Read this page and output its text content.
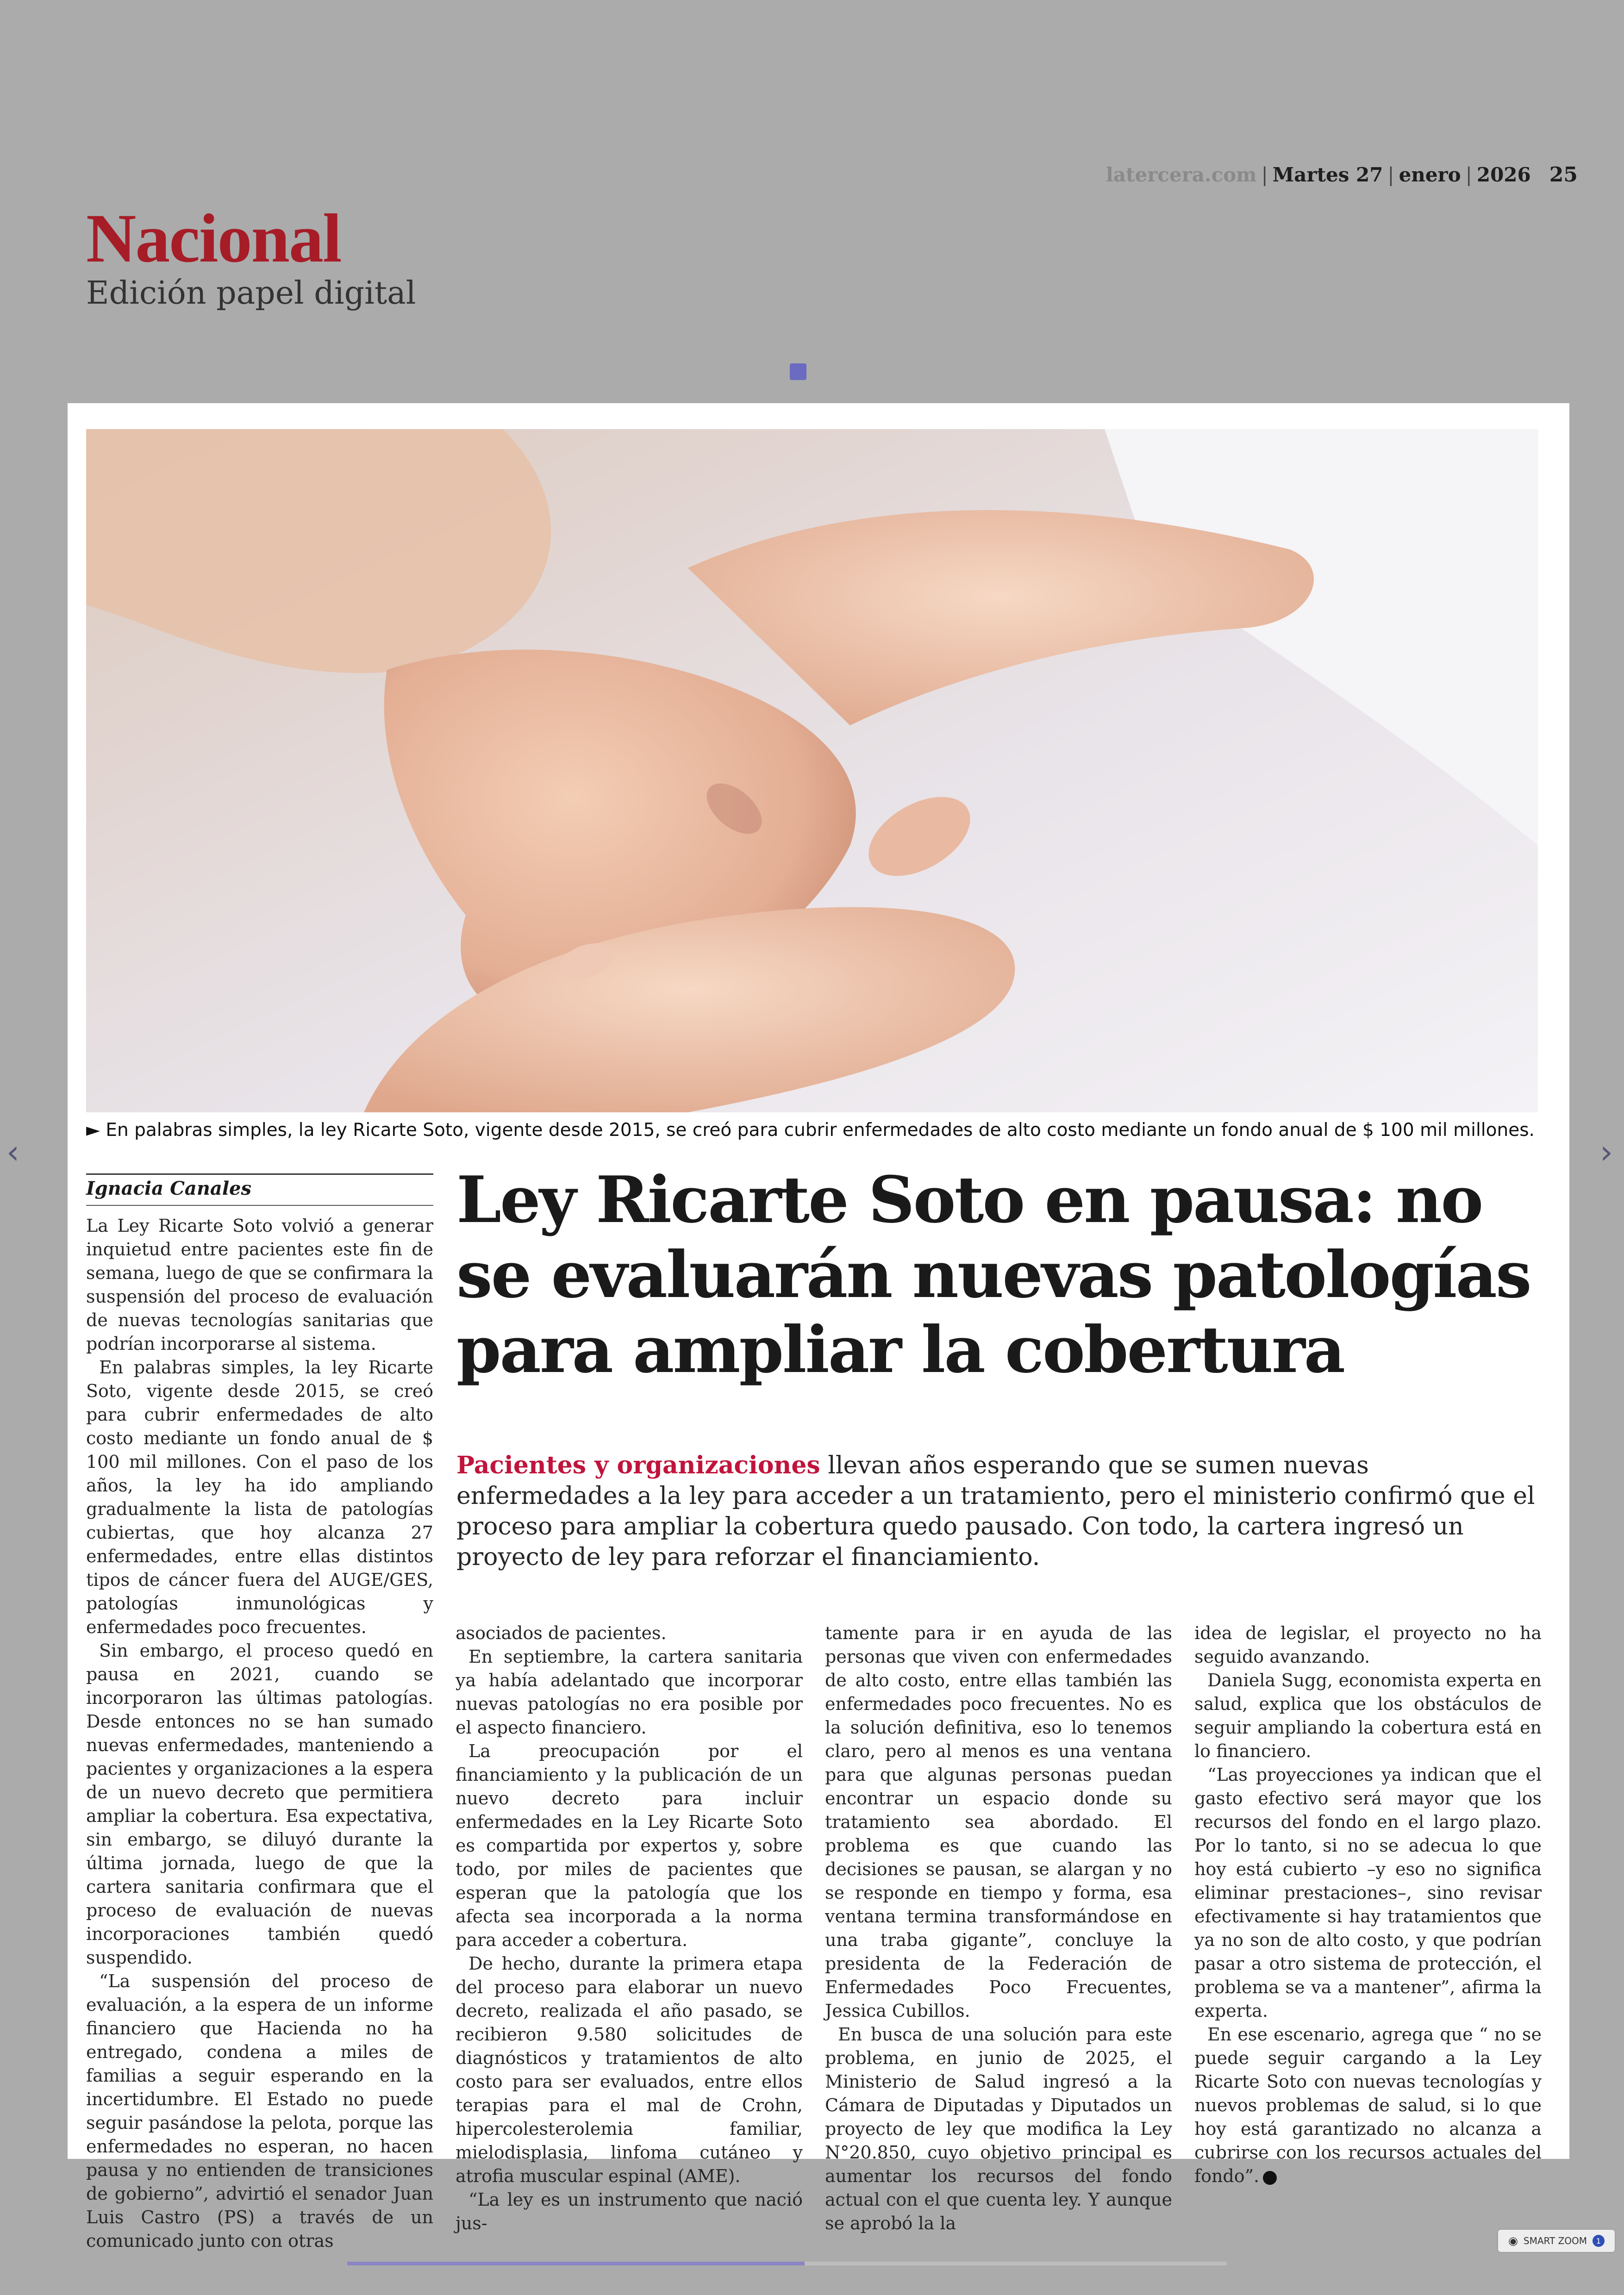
latercera.com | Martes 27 | enero | 2026 25
Nacional
Edición papel digital
► En palabras simples, la ley Ricarte Soto, vigente desde 2015, se creó para cubrir enfermedades de alto costo mediante un fondo anual de $ 100 mil millones.
Ignacia Canales	Ley Ricarte Soto en pausa: no se evaluarán nuevas patologías para ampliar la cobertura
Pacientes y organizaciones llevan años esperando que se sumen nuevas enfermedades a la ley para acceder a un tratamiento, pero el ministerio confirmó que el proceso para ampliar la cobertura quedo pausado. Con todo, la cartera ingresó un proyecto de ley para reforzar el financiamiento.

La Ley Ricarte Soto volvió a generar inquietud entre pacientes este fin de semana, luego de que se confirmara la suspensión del proceso de evaluación de nuevas tecnologías sanitarias que podrían incorporarse al sistema.

En palabras simples, la ley Ricarte Soto, vigente desde 2015, se creó para cubrir enfermedades de alto costo mediante un fondo anual de $ 100 mil millones. Con el paso de los años, la ley ha ido ampliando gradualmente la lista de patologías cubiertas, que hoy alcanza 27 enfermedades, entre ellas distintos tipos de cáncer fuera del AUGE/GES, patologías inmunológicas y enfermedades poco frecuentes.

Sin embargo, el proceso quedó en pausa en 2021, cuando se incorporaron las últimas patologías. Desde entonces no se han sumado nuevas enfermedades, manteniendo a pacientes y organizaciones a la espera de un nuevo decreto que permitiera ampliar la cobertura. Esa expectativa, sin embargo, se diluyó durante la última jornada, luego de que la cartera sanitaria confirmara que el proceso de evaluación de nuevas incorporaciones también quedó suspendido.

“La suspensión del proceso de evaluación, a la espera de un informe financiero que Hacienda no ha entregado, condena a miles de familias a seguir esperando en la incertidumbre. El Estado no puede seguir pasándose la pelota, porque las enfermedades no esperan, no hacen pausa y no entienden de transiciones de gobierno”, advirtió el senador Juan Luis Castro (PS) a través de un comunicado junto con otras

asociados de pacientes.

En septiembre, la cartera sanitaria ya había adelantado que incorporar nuevas patologías no era posible por el aspecto financiero.

La preocupación por el financiamiento y la publicación de un nuevo decreto para incluir enfermedades en la Ley Ricarte Soto es compartida por expertos y, sobre todo, por miles de pacientes que esperan que la patología que los afecta sea incorporada a la norma para acceder a cobertura.

De hecho, durante la primera etapa del proceso para elaborar un nuevo decreto, realizada el año pasado, se recibieron 9.580 solicitudes de diagnósticos y tratamientos de alto costo para ser evaluados, entre ellos terapias para el mal de Crohn, hipercolesterolemia familiar, mielodisplasia, linfoma cutáneo y atrofia muscular espinal (AME).

“La ley es un instrumento que nació jus-

tamente para ir en ayuda de las personas que viven con enfermedades de alto costo, entre ellas también las enfermedades poco frecuentes. No es la solución definitiva, eso lo tenemos claro, pero al menos es una ventana para que algunas personas puedan encontrar un espacio donde su tratamiento sea abordado. El problema es que cuando las decisiones se pausan, se alargan y no se responde en tiempo y forma, esa ventana termina transformándose en una traba gigante”, concluye la presidenta de la Federación de Enfermedades Poco Frecuentes, Jessica Cubillos.

En busca de una solución para este problema, en junio de 2025, el Ministerio de Salud ingresó a la Cámara de Diputadas y Diputados un proyecto de ley que modifica la Ley N°20.850, cuyo objetivo principal es aumentar los recursos del fondo actual con el que cuenta ley. Y aunque se aprobó la la

idea de legislar, el proyecto no ha seguido avanzando.

Daniela Sugg, economista experta en salud, explica que los obstáculos de seguir ampliando la cobertura está en lo financiero.

“Las proyecciones ya indican que el gasto efectivo será mayor que los recursos del fondo en el largo plazo. Por lo tanto, si no se adecua lo que hoy está cubierto –y eso no significa eliminar prestaciones–, sino revisar efectivamente si hay tratamientos que ya no son de alto costo, y que podrían pasar a otro sistema de protección, el problema se va a mantener”, afirma la experta.

En ese escenario, agrega que “ no se puede seguir cargando a la Ley Ricarte Soto con nuevas tecnologías y nuevos problemas de salud, si lo que hoy está garantizado no alcanza a cubrirse con los recursos actuales del fondo”.

‹	›
◉ SMART ZOOM	1
